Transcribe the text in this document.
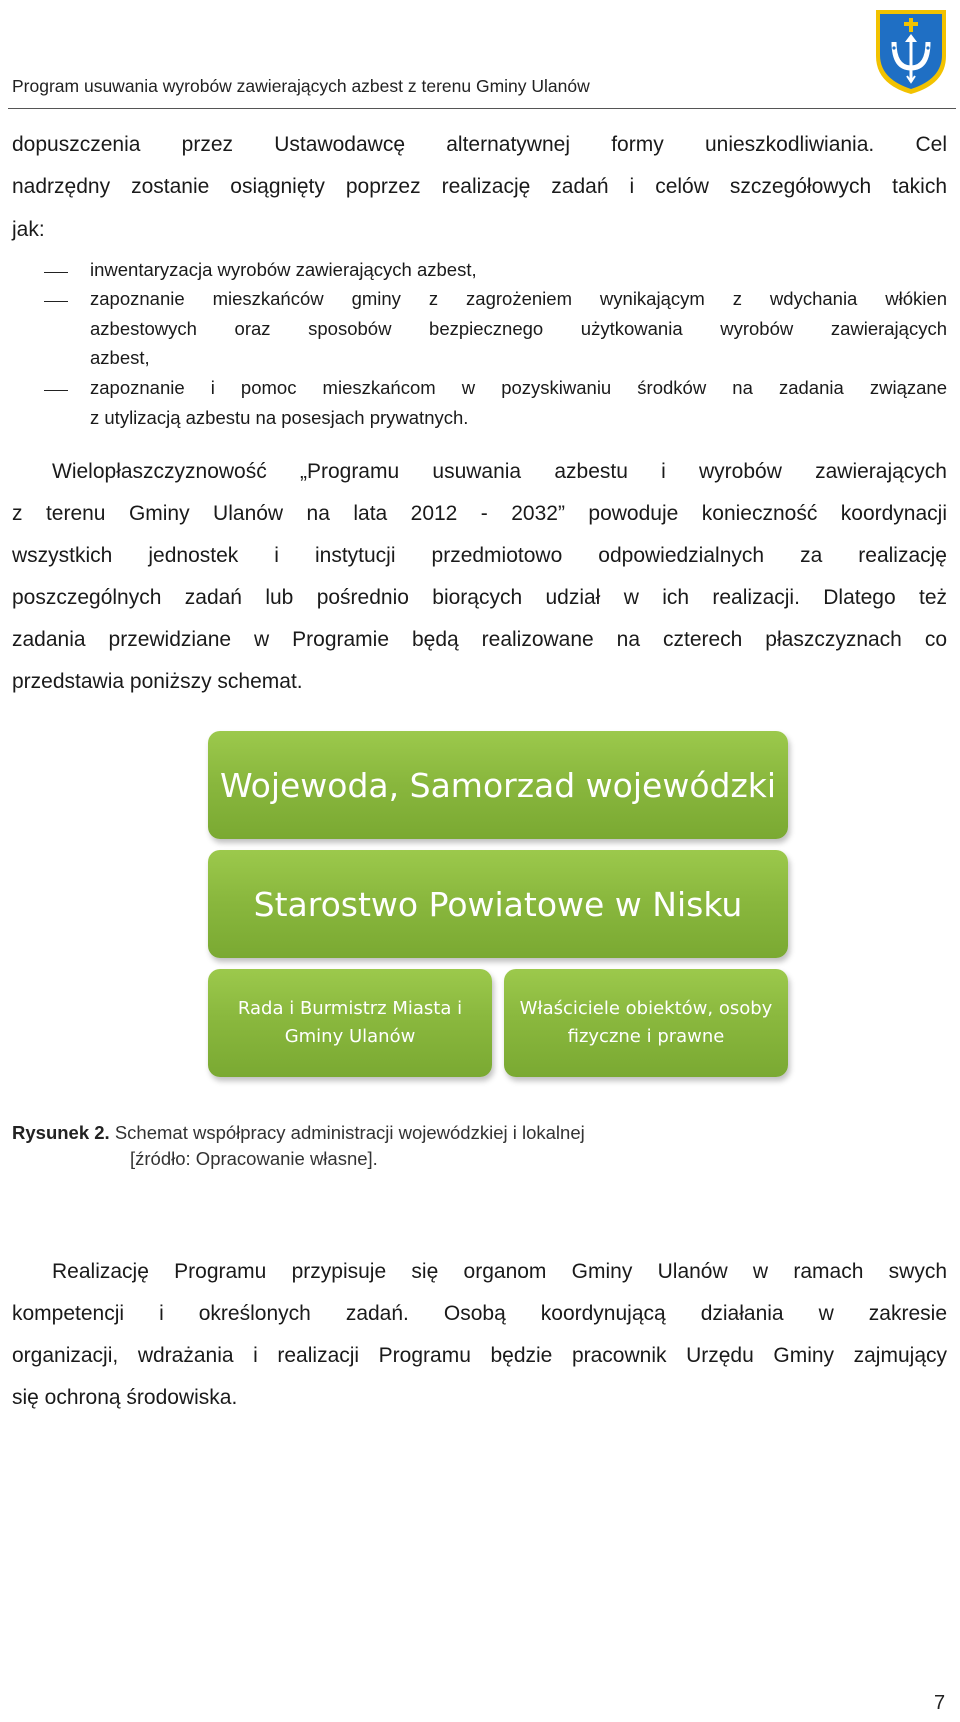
Program usuwania wyrobów zawierających azbest z terenu Gminy Ulanów
dopuszczenia przez Ustawodawcę alternatywnej formy unieszkodliwiania. Cel
nadrzędny zostanie osiągnięty poprzez realizację zadań i celów szczegółowych takich
jak:
inwentaryzacja wyrobów zawierających azbest,
zapoznanie mieszkańców gminy z zagrożeniem wynikającym z wdychania włókien
azbestowych oraz sposobów bezpiecznego użytkowania wyrobów zawierających
azbest,
zapoznanie i pomoc mieszkańcom w pozyskiwaniu środków na zadania związane
z utylizacją azbestu na posesjach prywatnych.
Wielopłaszczyznowość „Programu usuwania azbestu i wyrobów zawierających
z terenu Gminy Ulanów na lata 2012 - 2032” powoduje konieczność koordynacji
wszystkich jednostek i instytucji przedmiotowo odpowiedzialnych za realizację
poszczególnych zadań lub pośrednio biorących udział w ich realizacji. Dlatego też
zadania przewidziane w Programie będą realizowane na czterech płaszczyznach co
przedstawia poniższy schemat.
Wojewoda, Samorzad wojewódzki
Starostwo Powiatowe w Nisku
Rada i Burmistrz Miasta i Gminy Ulanów
Właściciele obiektów, osoby fizyczne i prawne
Rysunek 2. Schemat współpracy administracji wojewódzkiej i lokalnej
[źródło: Opracowanie własne].
Realizację Programu przypisuje się organom Gminy Ulanów w ramach swych
kompetencji i określonych zadań. Osobą koordynującą działania w zakresie
organizacji, wdrażania i realizacji Programu będzie pracownik Urzędu Gminy zajmujący
się ochroną środowiska.
7
